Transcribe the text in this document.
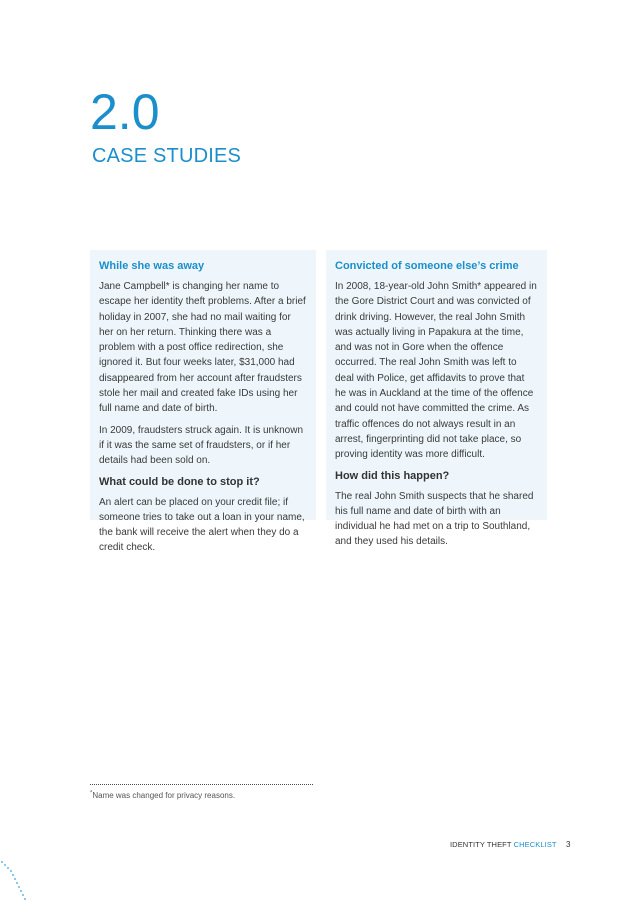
2.0
CASE STUDIES
While she was away

Jane Campbell* is changing her name to escape her identity theft problems. After a brief holiday in 2007, she had no mail waiting for her on her return. Thinking there was a problem with a post office redirection, she ignored it. But four weeks later, $31,000 had disappeared from her account after fraudsters stole her mail and created fake IDs using her full name and date of birth.

In 2009, fraudsters struck again. It is unknown if it was the same set of fraudsters, or if her details had been sold on.

What could be done to stop it?

An alert can be placed on your credit file; if someone tries to take out a loan in your name, the bank will receive the alert when they do a credit check.

Convicted of someone else’s crime

In 2008, 18-year-old John Smith* appeared in the Gore District Court and was convicted of drink driving. However, the real John Smith was actually living in Papakura at the time, and was not in Gore when the offence occurred. The real John Smith was left to deal with Police, get affidavits to prove that he was in Auckland at the time of the offence and could not have committed the crime. As traffic offences do not always result in an arrest, fingerprinting did not take place, so proving identity was more difficult.

How did this happen?

The real John Smith suspects that he shared his full name and date of birth with an individual he had met on a trip to Southland, and they used his details.

*Name was changed for privacy reasons.
IDENTITY THEFT CHECKLIST 3
